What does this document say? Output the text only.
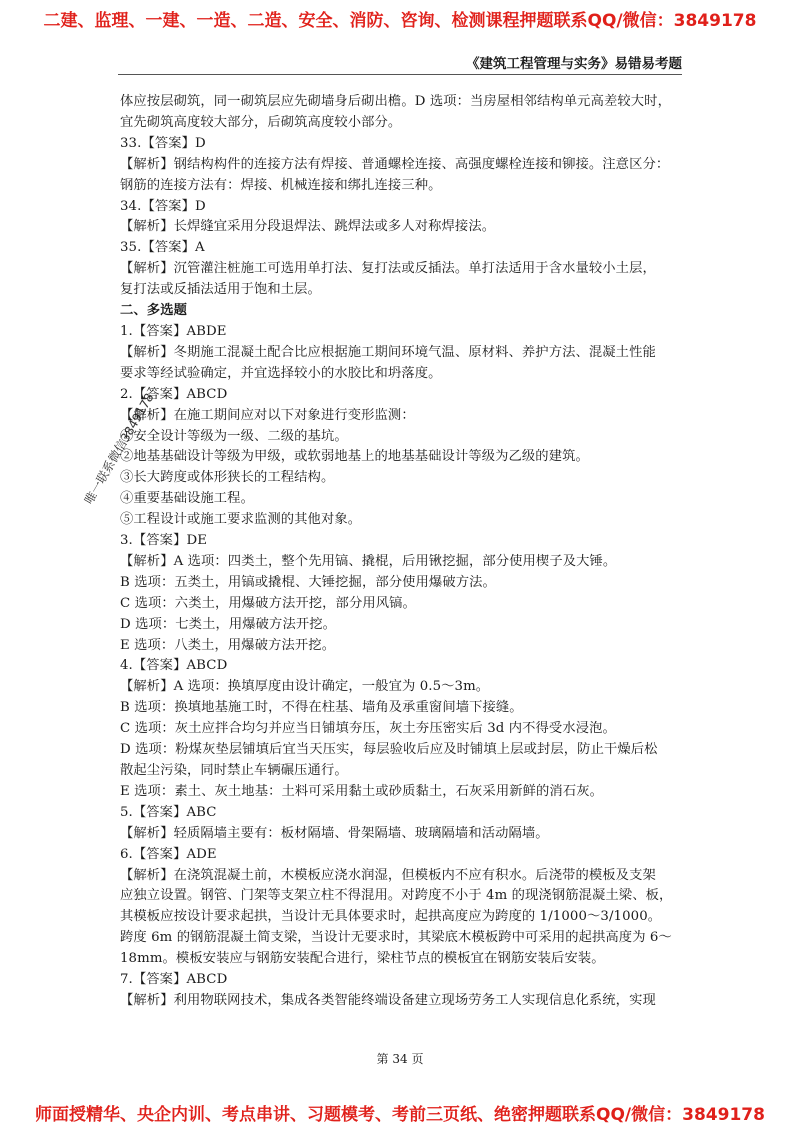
二建、监理、一建、一造、二造、安全、消防、咨询、检测课程押题联系QQ/微信：3849178
《建筑工程管理与实务》易错易考题
唯一联系微信3849178

体应按层砌筑，同一砌筑层应先砌墙身后砌出檐。D 选项：当房屋相邻结构单元高差较大时，

宜先砌筑高度较大部分，后砌筑高度较小部分。

33.【答案】D

【解析】钢结构构件的连接方法有焊接、普通螺栓连接、高强度螺栓连接和铆接。注意区分：

钢筋的连接方法有：焊接、机械连接和绑扎连接三种。

34.【答案】D

【解析】长焊缝宜采用分段退焊法、跳焊法或多人对称焊接法。

35.【答案】A

【解析】沉管灌注桩施工可选用单打法、复打法或反插法。单打法适用于含水量较小土层，

复打法或反插法适用于饱和土层。

二、多选题

1.【答案】ABDE

【解析】冬期施工混凝土配合比应根据施工期间环境气温、原材料、养护方法、混凝土性能

要求等经试验确定，并宜选择较小的水胶比和坍落度。

2.【答案】ABCD

【解析】在施工期间应对以下对象进行变形监测：

①安全设计等级为一级、二级的基坑。

②地基基础设计等级为甲级，或软弱地基上的地基基础设计等级为乙级的建筑。

③长大跨度或体形狭长的工程结构。

④重要基础设施工程。

⑤工程设计或施工要求监测的其他对象。

3.【答案】DE

【解析】A 选项：四类土，整个先用镐、撬棍，后用锹挖掘，部分使用楔子及大锤。

B 选项：五类土，用镐或撬棍、大锤挖掘，部分使用爆破方法。

C 选项：六类土，用爆破方法开挖，部分用风镐。

D 选项：七类土，用爆破方法开挖。

E 选项：八类土，用爆破方法开挖。

4.【答案】ABCD

【解析】A 选项：换填厚度由设计确定，一般宜为 0.5～3m。

B 选项：换填地基施工时，不得在柱基、墙角及承重窗间墙下接缝。

C 选项：灰土应拌合均匀并应当日铺填夯压，灰土夯压密实后 3d 内不得受水浸泡。

D 选项：粉煤灰垫层铺填后宜当天压实，每层验收后应及时铺填上层或封层，防止干燥后松

散起尘污染，同时禁止车辆碾压通行。

E 选项：素土、灰土地基：土料可采用黏土或砂质黏土，石灰采用新鲜的消石灰。

5.【答案】ABC

【解析】轻质隔墙主要有：板材隔墙、骨架隔墙、玻璃隔墙和活动隔墙。

6.【答案】ADE

【解析】在浇筑混凝土前，木模板应浇水润湿，但模板内不应有积水。后浇带的模板及支架

应独立设置。钢管、门架等支架立柱不得混用。对跨度不小于 4m 的现浇钢筋混凝土梁、板，

其模板应按设计要求起拱，当设计无具体要求时，起拱高度应为跨度的 1/1000～3/1000。

跨度 6m 的钢筋混凝土简支梁，当设计无要求时，其梁底木模板跨中可采用的起拱高度为 6～

18mm。模板安装应与钢筋安装配合进行，梁柱节点的模板宜在钢筋安装后安装。

7.【答案】ABCD

【解析】利用物联网技术，集成各类智能终端设备建立现场劳务工人实现信息化系统，实现

第 34 页
师面授精华、央企内训、考点串讲、习题模考、考前三页纸、绝密押题联系QQ/微信：3849178
